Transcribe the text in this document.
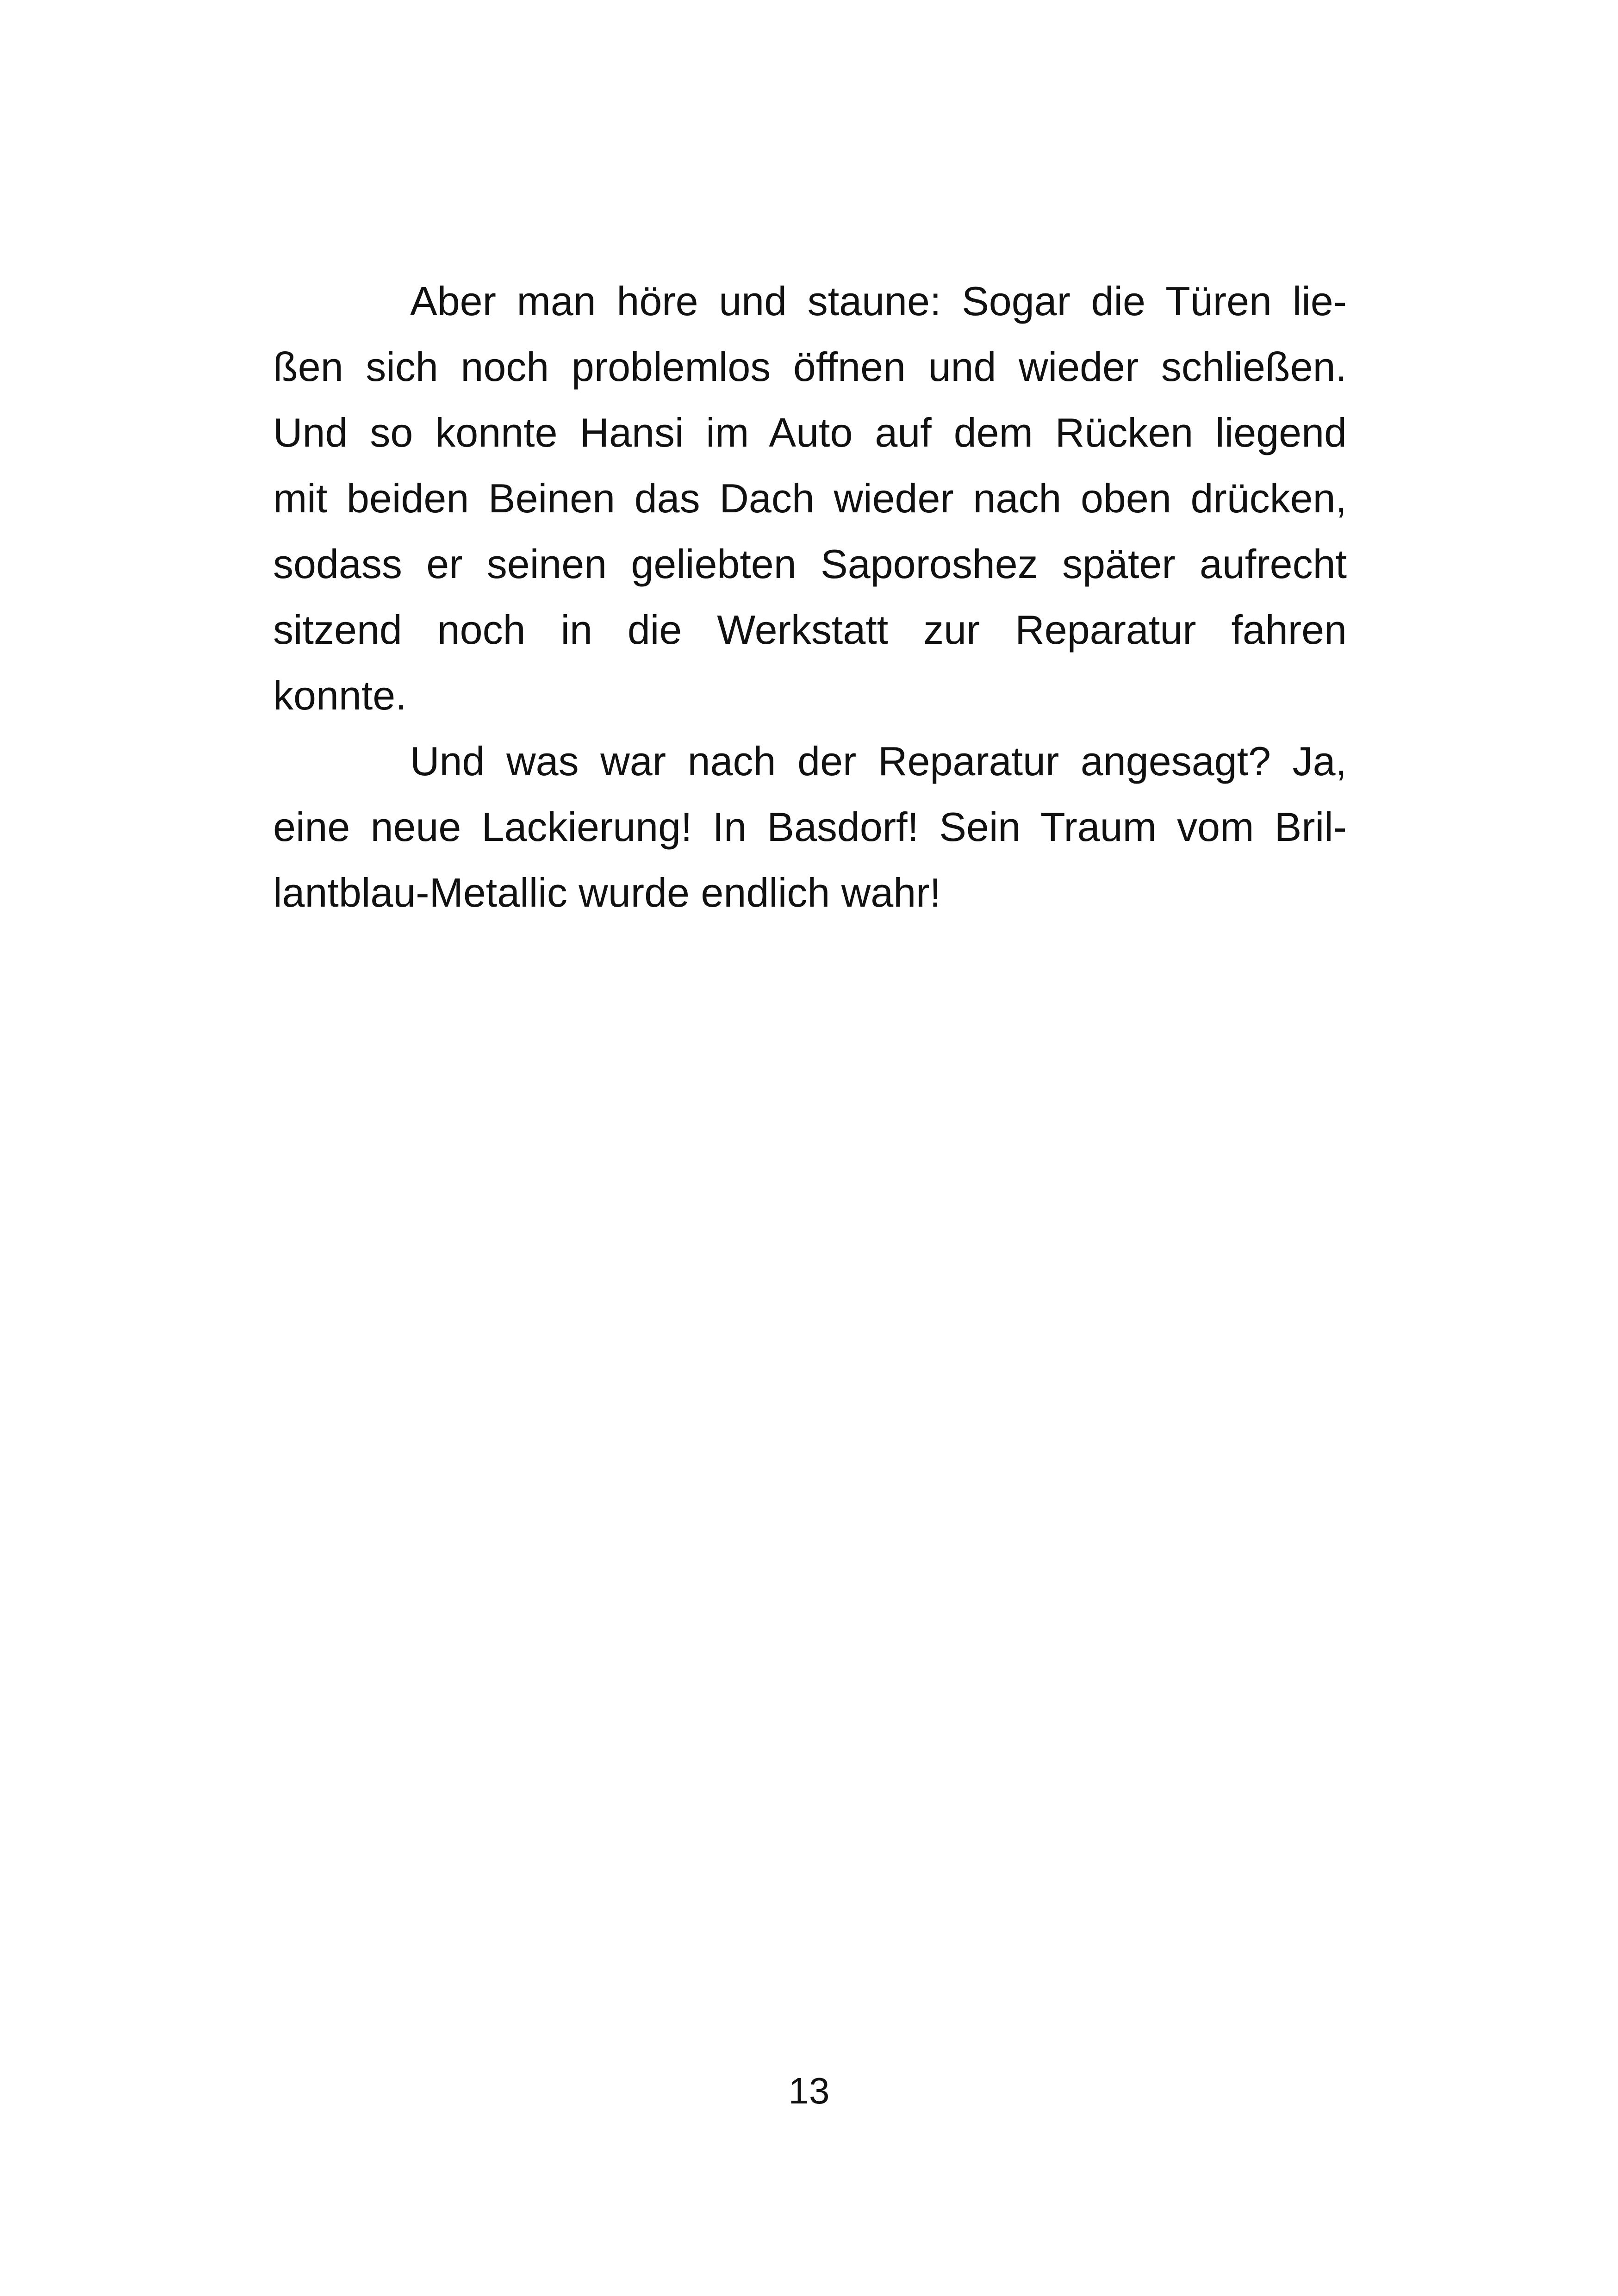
Aber man höre und staune: Sogar die Türen lie-
ßen sich noch problemlos öffnen und wieder schließen.
Und so konnte Hansi im Auto auf dem Rücken liegend
mit beiden Beinen das Dach wieder nach oben drücken,
sodass er seinen geliebten Saporoshez später aufrecht
sitzend noch in die Werkstatt zur Reparatur fahren
konnte.
Und was war nach der Reparatur angesagt? Ja,
eine neue Lackierung! In Basdorf! Sein Traum vom Bril-
lantblau-Metallic wurde endlich wahr!
13
